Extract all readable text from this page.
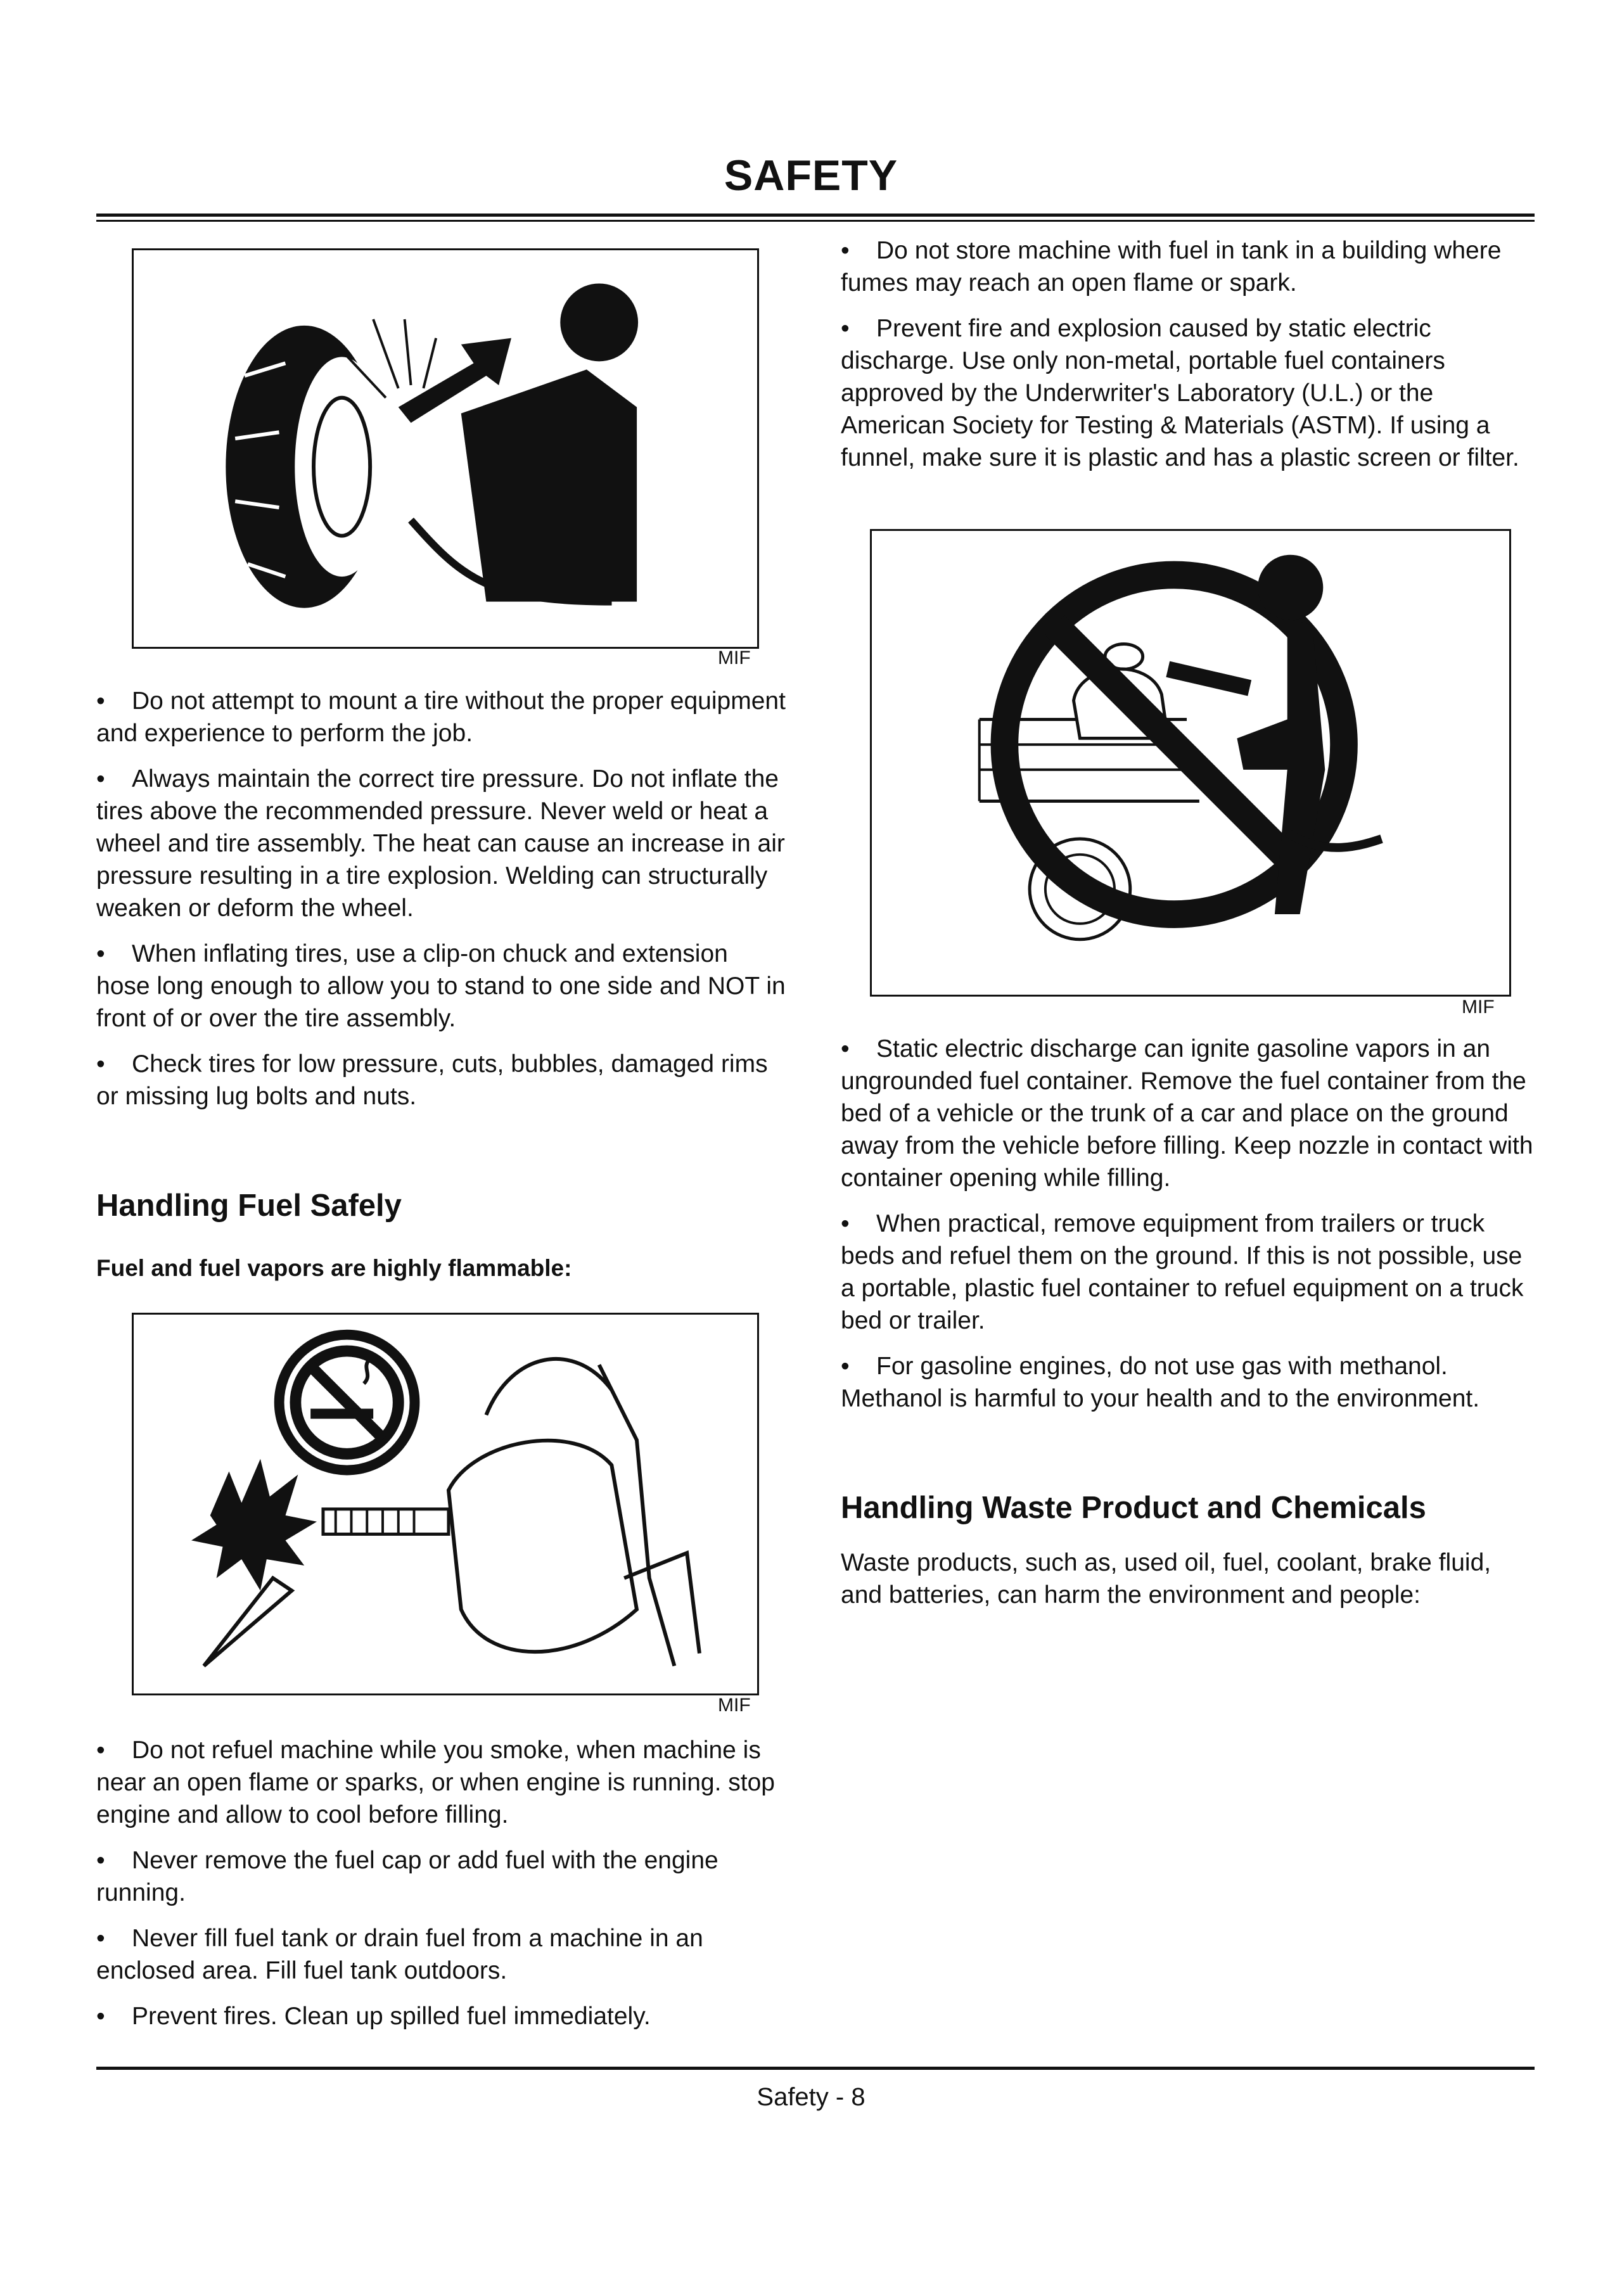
SAFETY
MIF

• Do not attempt to mount a tire without the proper equipment and experience to perform the job.

• Always maintain the correct tire pressure. Do not inflate the tires above the recommended pressure. Never weld or heat a wheel and tire assembly. The heat can cause an increase in air pressure resulting in a tire explosion. Welding can structurally weaken or deform the wheel.

• When inflating tires, use a clip-on chuck and extension hose long enough to allow you to stand to one side and NOT in front of or over the tire assembly.

• Check tires for low pressure, cuts, bubbles, damaged rims or missing lug bolts and nuts.

Handling Fuel Safely
Fuel and fuel vapors are highly flammable:
MIF

• Do not refuel machine while you smoke, when machine is near an open flame or sparks, or when engine is running. stop engine and allow to cool before filling.

• Never remove the fuel cap or add fuel with the engine running.

• Never fill fuel tank or drain fuel from a machine in an enclosed area. Fill fuel tank outdoors.

• Prevent fires. Clean up spilled fuel immediately.

• Do not store machine with fuel in tank in a building where fumes may reach an open flame or spark.

• Prevent fire and explosion caused by static electric discharge. Use only non-metal, portable fuel containers approved by the Underwriter's Laboratory (U.L.) or the American Society for Testing & Materials (ASTM). If using a funnel, make sure it is plastic and has a plastic screen or filter.

MIF

• Static electric discharge can ignite gasoline vapors in an ungrounded fuel container. Remove the fuel container from the bed of a vehicle or the trunk of a car and place on the ground away from the vehicle before filling. Keep nozzle in contact with container opening while filling.

• When practical, remove equipment from trailers or truck beds and refuel them on the ground. If this is not possible, use a portable, plastic fuel container to refuel equipment on a truck bed or trailer.

• For gasoline engines, do not use gas with methanol. Methanol is harmful to your health and to the environment.

Handling Waste Product and Chemicals

Waste products, such as, used oil, fuel, coolant, brake fluid, and batteries, can harm the environment and people:

Safety - 8
